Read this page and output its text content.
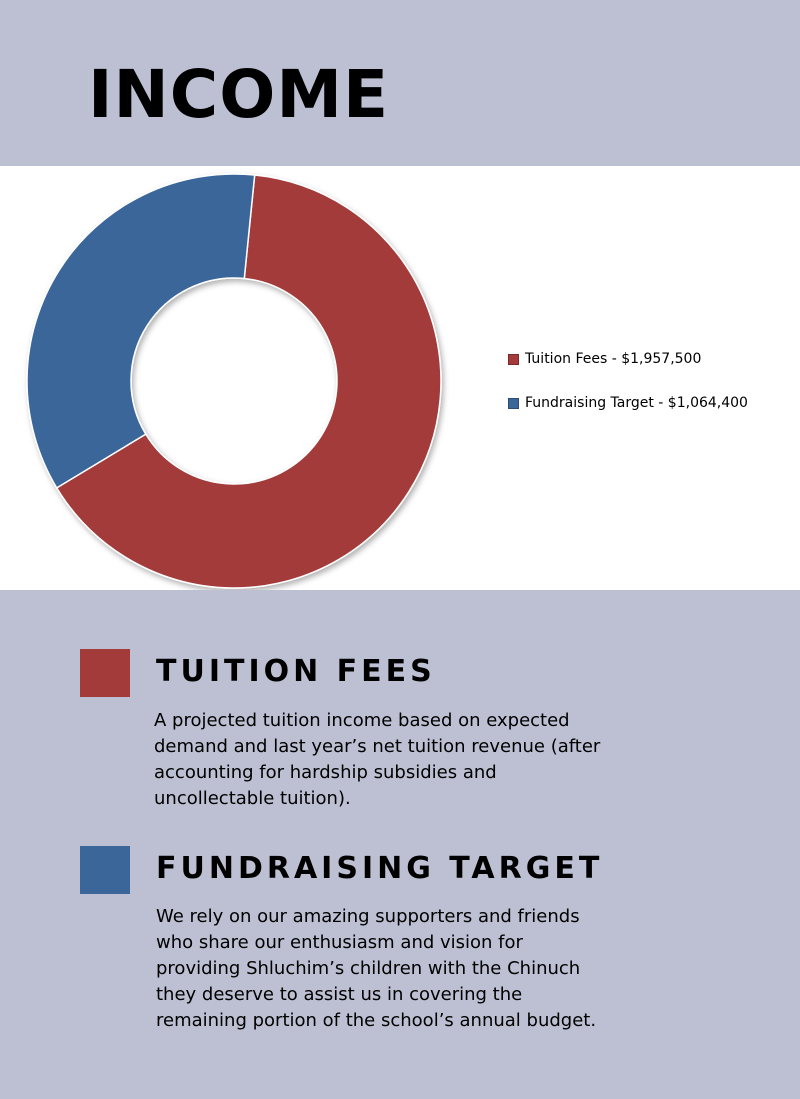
INCOME
Tuition Fees - $1,957,500
Fundraising Target - $1,064,400
TUITION FEES

A projected tuition income based on expected
demand and last year’s net tuition revenue (after
accounting for hardship subsidies and
uncollectable tuition).

FUNDRAISING TARGET

We rely on our amazing supporters and friends
who share our enthusiasm and vision for
providing Shluchim’s children with the Chinuch
they deserve to assist us in covering the
remaining portion of the school’s annual budget.
